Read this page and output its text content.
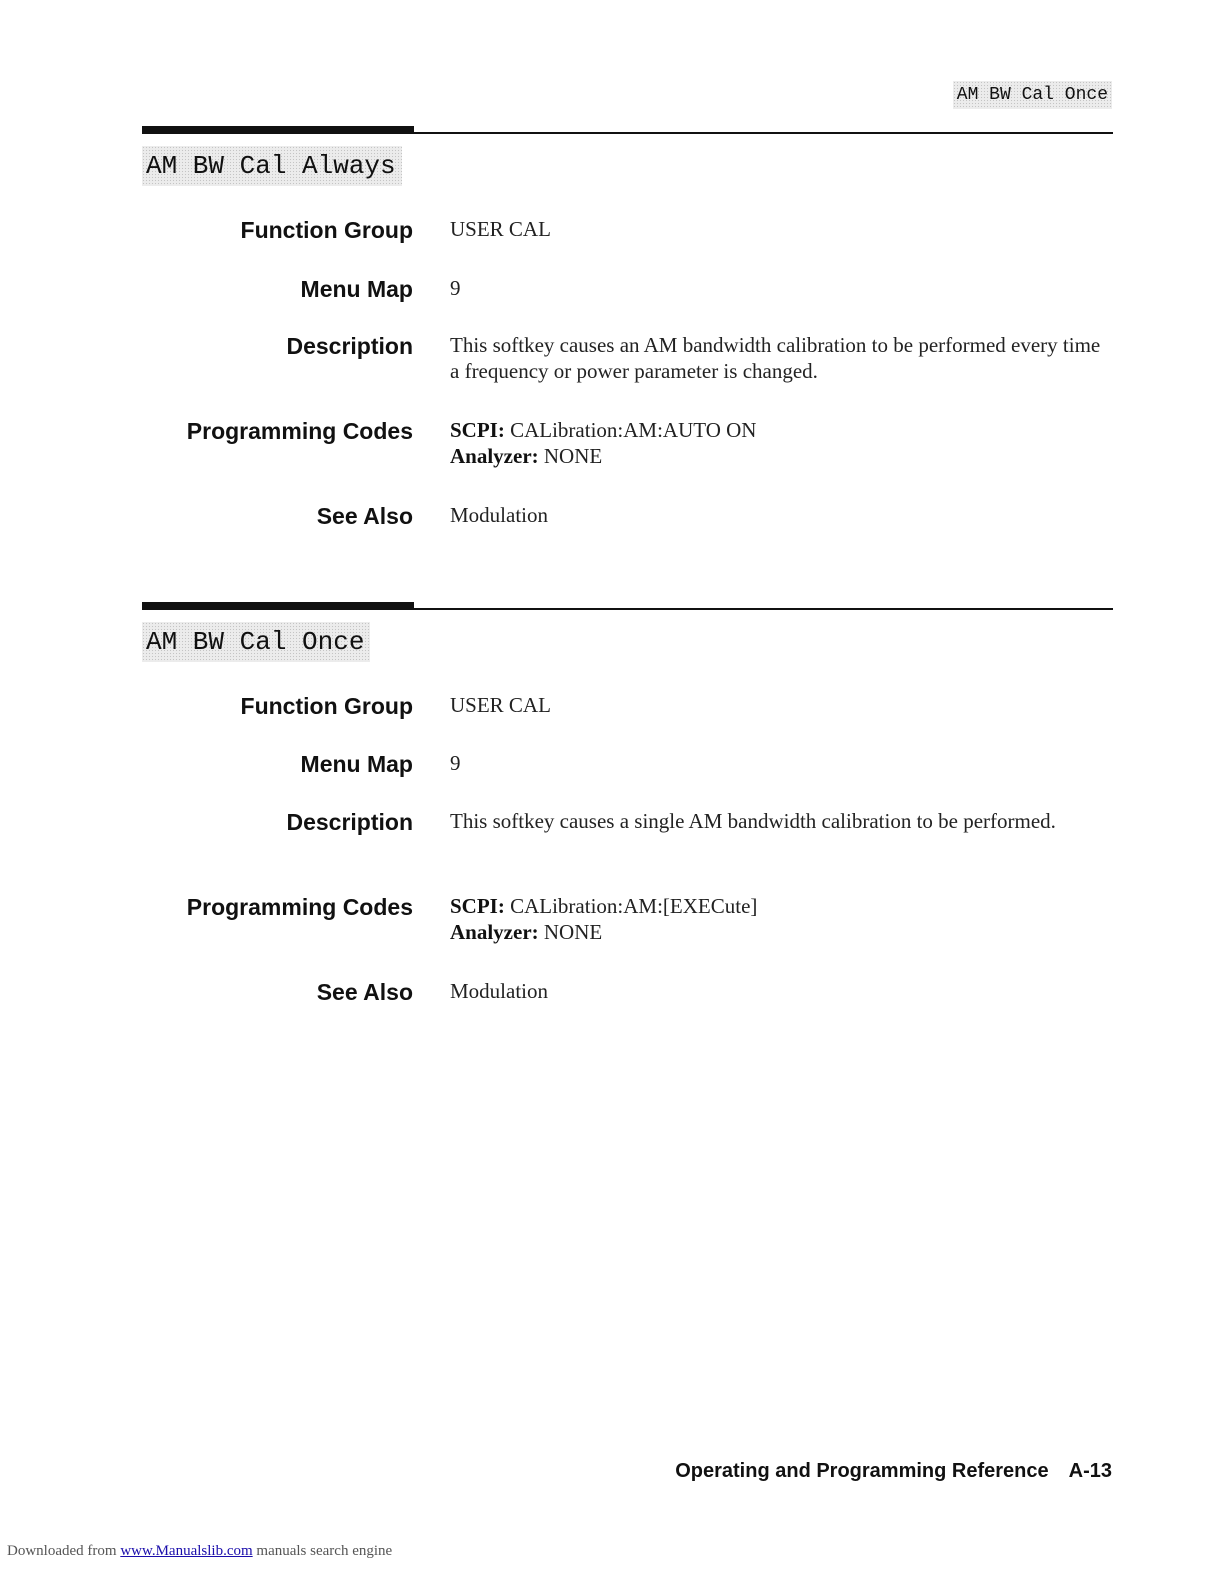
AM BW Cal Once
AM BW Cal Always
Function Group USER CAL
Menu Map 9
Description This softkey causes an AM bandwidth calibration to be performed every time a frequency or power parameter is changed.
Programming Codes SCPI: CALibration:AM:AUTO ON
Analyzer: NONE
See Also Modulation
AM BW Cal Once
Function Group USER CAL
Menu Map 9
Description This softkey causes a single AM bandwidth calibration to be performed.
Programming Codes SCPI: CALibration:AM:[EXECute]
Analyzer: NONE
See Also Modulation
Operating and Programming Reference A-13
Downloaded from www.Manualslib.com manuals search engine
